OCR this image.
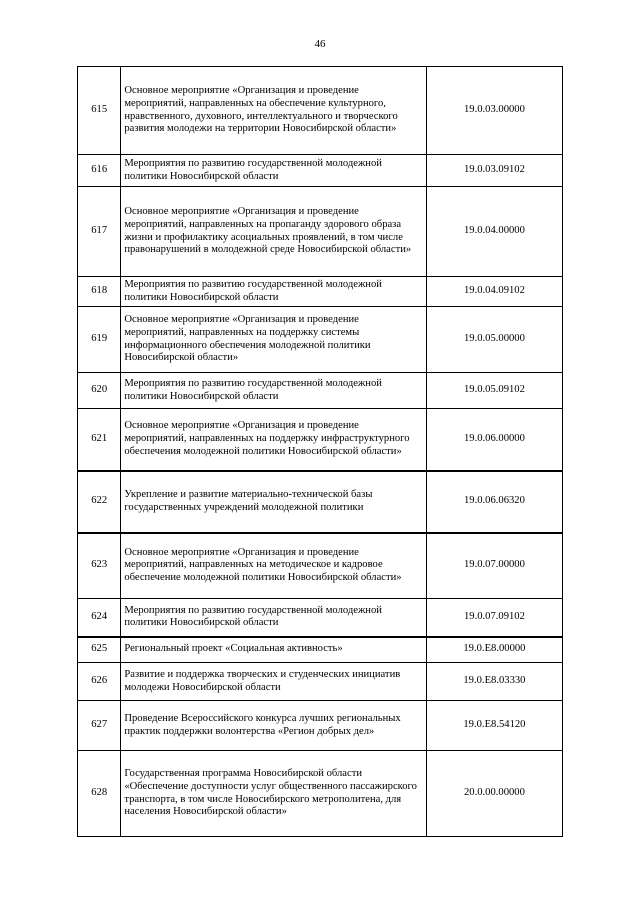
46
615	Основное мероприятие «Организация и проведение мероприятий, направленных на обеспечение культурного, нравственного, духовного, интеллектуального и творческого развития молодежи на территории Новосибирской области»	19.0.03.00000
616	Мероприятия по развитию государственной молодежной политики Новосибирской области	19.0.03.09102
617	Основное мероприятие «Организация и проведение мероприятий, направленных на пропаганду здорового образа жизни и профилактику асоциальных проявлений, в том числе правонарушений в молодежной среде Новосибирской области»	19.0.04.00000
618	Мероприятия по развитию государственной молодежной политики Новосибирской области	19.0.04.09102
619	Основное мероприятие «Организация и проведение мероприятий, направленных на поддержку системы информационного обеспечения молодежной политики Новосибирской области»	19.0.05.00000
620	Мероприятия по развитию государственной молодежной политики Новосибирской области	19.0.05.09102
621	Основное мероприятие «Организация и проведение мероприятий, направленных на поддержку инфраструктурного обеспечения молодежной политики Новосибирской области»	19.0.06.00000
622	Укрепление и развитие материально-технической базы государственных учреждений молодежной политики	19.0.06.06320
623	Основное мероприятие «Организация и проведение мероприятий, направленных на методическое и кадровое обеспечение молодежной политики Новосибирской области»	19.0.07.00000
624	Мероприятия по развитию государственной молодежной политики Новосибирской области	19.0.07.09102
625	Региональный проект «Социальная активность»	19.0.E8.00000
626	Развитие и поддержка творческих и студенческих инициатив молодежи Новосибирской области	19.0.E8.03330
627	Проведение Всероссийского конкурса лучших региональных практик поддержки волонтерства «Регион добрых дел»	19.0.E8.54120
628	Государственная программа Новосибирской области «Обеспечение доступности услуг общественного пассажирского транспорта, в том числе Новосибирского метрополитена, для населения Новосибирской области»	20.0.00.00000
